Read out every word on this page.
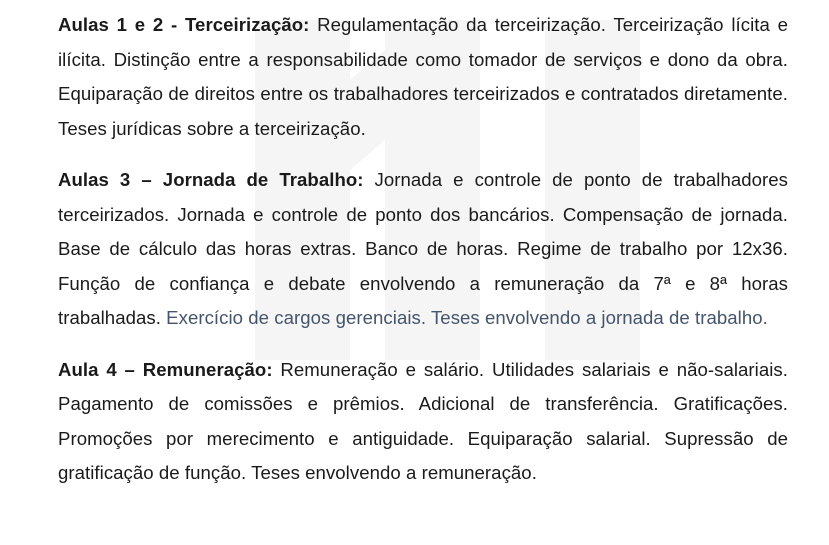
Aulas 1 e 2 - Terceirização: Regulamentação da terceirização. Terceirização lícita e ilícita. Distinção entre a responsabilidade como tomador de serviços e dono da obra. Equiparação de direitos entre os trabalhadores terceirizados e contratados diretamente. Teses jurídicas sobre a terceirização.

Aulas 3 – Jornada de Trabalho: Jornada e controle de ponto de trabalhadores terceirizados. Jornada e controle de ponto dos bancários. Compensação de jornada. Base de cálculo das horas extras. Banco de horas. Regime de trabalho por 12x36. Função de confiança e debate envolvendo a remuneração da 7ª e 8ª horas trabalhadas. Exercício de cargos gerenciais. Teses envolvendo a jornada de trabalho.

Aula 4 – Remuneração: Remuneração e salário. Utilidades salariais e não-salariais. Pagamento de comissões e prêmios. Adicional de transferência. Gratificações. Promoções por merecimento e antiguidade. Equiparação salarial. Supressão de gratificação de função. Teses envolvendo a remuneração.
